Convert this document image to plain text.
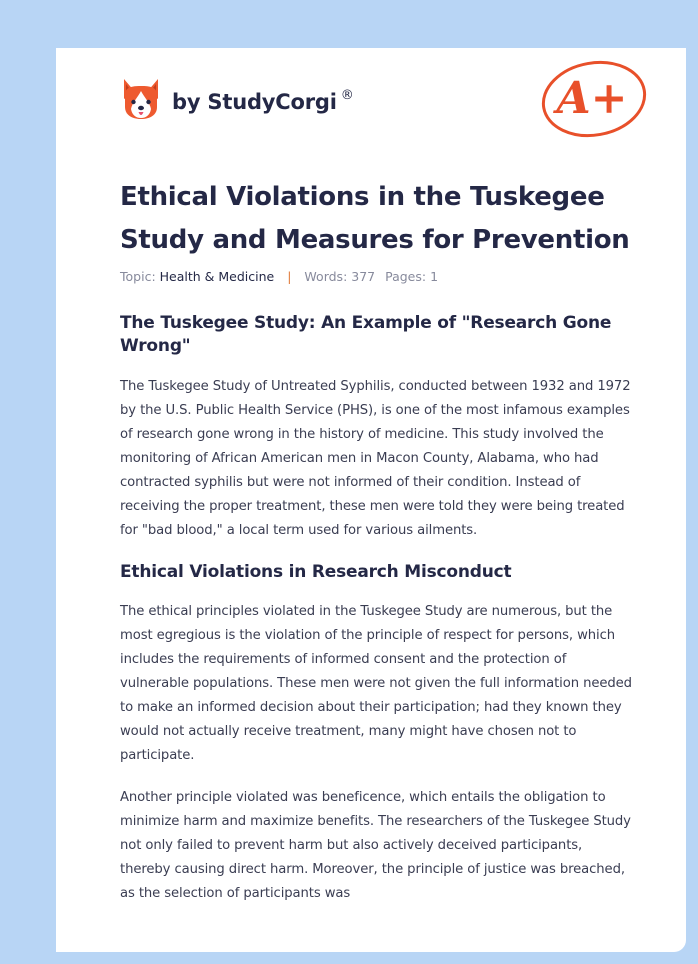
by StudyCorgi ®	A+
Ethical Violations in the Tuskegee Study and Measures for Prevention
Topic: Health & Medicine | Words: 377 Pages: 1
The Tuskegee Study: An Example of "Research Gone Wrong"

The Tuskegee Study of Untreated Syphilis, conducted between 1932 and 1972 by the U.S. Public Health Service (PHS), is one of the most infamous examples of research gone wrong in the history of medicine. This study involved the monitoring of African American men in Macon County, Alabama, who had contracted syphilis but were not informed of their condition. Instead of receiving the proper treatment, these men were told they were being treated for "bad blood," a local term used for various ailments.

Ethical Violations in Research Misconduct

The ethical principles violated in the Tuskegee Study are numerous, but the most egregious is the violation of the principle of respect for persons, which includes the requirements of informed consent and the protection of vulnerable populations. These men were not given the full information needed to make an informed decision about their participation; had they known they would not actually receive treatment, many might have chosen not to participate.

Another principle violated was beneficence, which entails the obligation to minimize harm and maximize benefits. The researchers of the Tuskegee Study not only failed to prevent harm but also actively deceived participants, thereby causing direct harm. Moreover, the principle of justice was breached, as the selection of participants was
